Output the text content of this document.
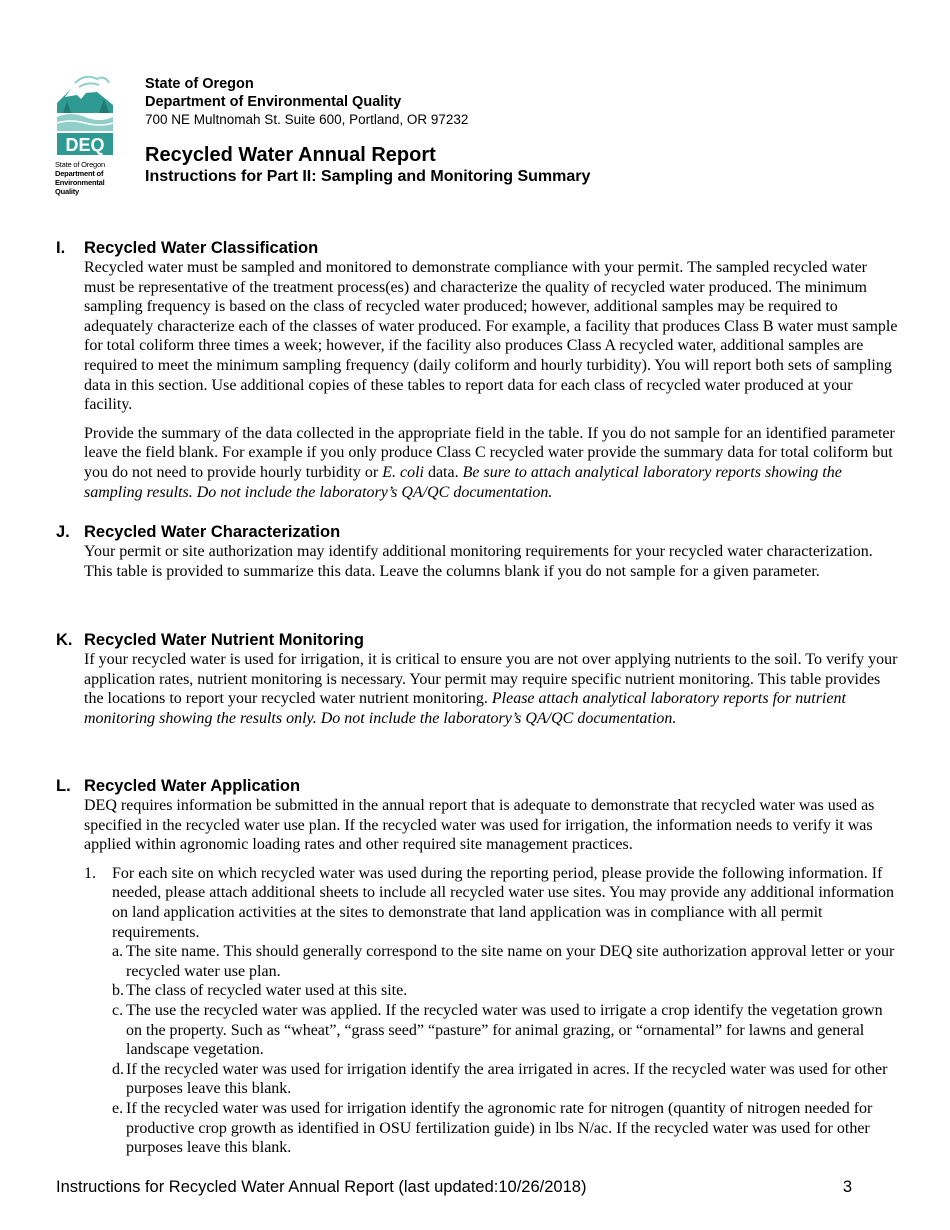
DEQ
State of Oregon
Department of
Environmental
Quality
State of Oregon
Department of Environmental Quality
700 NE Multnomah St. Suite 600, Portland, OR 97232
Recycled Water Annual Report
Instructions for Part II: Sampling and Monitoring Summary
I.	Recycled Water Classification

Recycled water must be sampled and monitored to demonstrate compliance with your permit. The sampled recycled water must be representative of the treatment process(es) and characterize the quality of recycled water produced. The minimum sampling frequency is based on the class of recycled water produced; however, additional samples may be required to adequately characterize each of the classes of water produced. For example, a facility that produces Class B water must sample for total coliform three times a week; however, if the facility also produces Class A recycled water, additional samples are required to meet the minimum sampling frequency (daily coliform and hourly turbidity). You will report both sets of sampling data in this section. Use additional copies of these tables to report data for each class of recycled water produced at your facility.

Provide the summary of the data collected in the appropriate field in the table. If you do not sample for an identified parameter leave the field blank. For example if you only produce Class C recycled water provide the summary data for total coliform but you do not need to provide hourly turbidity or E. coli data. Be sure to attach analytical laboratory reports showing the sampling results. Do not include the laboratory’s QA/QC documentation.

J. Recycled Water Characterization

Your permit or site authorization may identify additional monitoring requirements for your recycled water characterization. This table is provided to summarize this data. Leave the columns blank if you do not sample for a given parameter.

K. Recycled Water Nutrient Monitoring

If your recycled water is used for irrigation, it is critical to ensure you are not over applying nutrients to the soil. To verify your application rates, nutrient monitoring is necessary. Your permit may require specific nutrient monitoring. This table provides the locations to report your recycled water nutrient monitoring. Please attach analytical laboratory reports for nutrient monitoring showing the results only. Do not include the laboratory’s QA/QC documentation.

L. Recycled Water Application

DEQ requires information be submitted in the annual report that is adequate to demonstrate that recycled water was used as specified in the recycled water use plan. If the recycled water was used for irrigation, the information needs to verify it was applied within agronomic loading rates and other required site management practices.

1.	For each site on which recycled water was used during the reporting period, please provide the following information. If needed, please attach additional sheets to include all recycled water use sites. You may provide any additional information on land application activities at the sites to demonstrate that land application was in compliance with all permit requirements.
a. The site name. This should generally correspond to the site name on your DEQ site authorization approval letter or your recycled water use plan.
b. The class of recycled water used at this site.
c. The use the recycled water was applied. If the recycled water was used to irrigate a crop identify the vegetation grown on the property. Such as “wheat”, “grass seed” “pasture” for animal grazing, or “ornamental” for lawns and general landscape vegetation.
d. If the recycled water was used for irrigation identify the area irrigated in acres. If the recycled water was used for other purposes leave this blank.
e. If the recycled water was used for irrigation identify the agronomic rate for nitrogen (quantity of nitrogen needed for productive crop growth as identified in OSU fertilization guide) in lbs N/ac. If the recycled water was used for other purposes leave this blank.
Instructions for Recycled Water Annual Report (last updated:10/26/2018)	3
